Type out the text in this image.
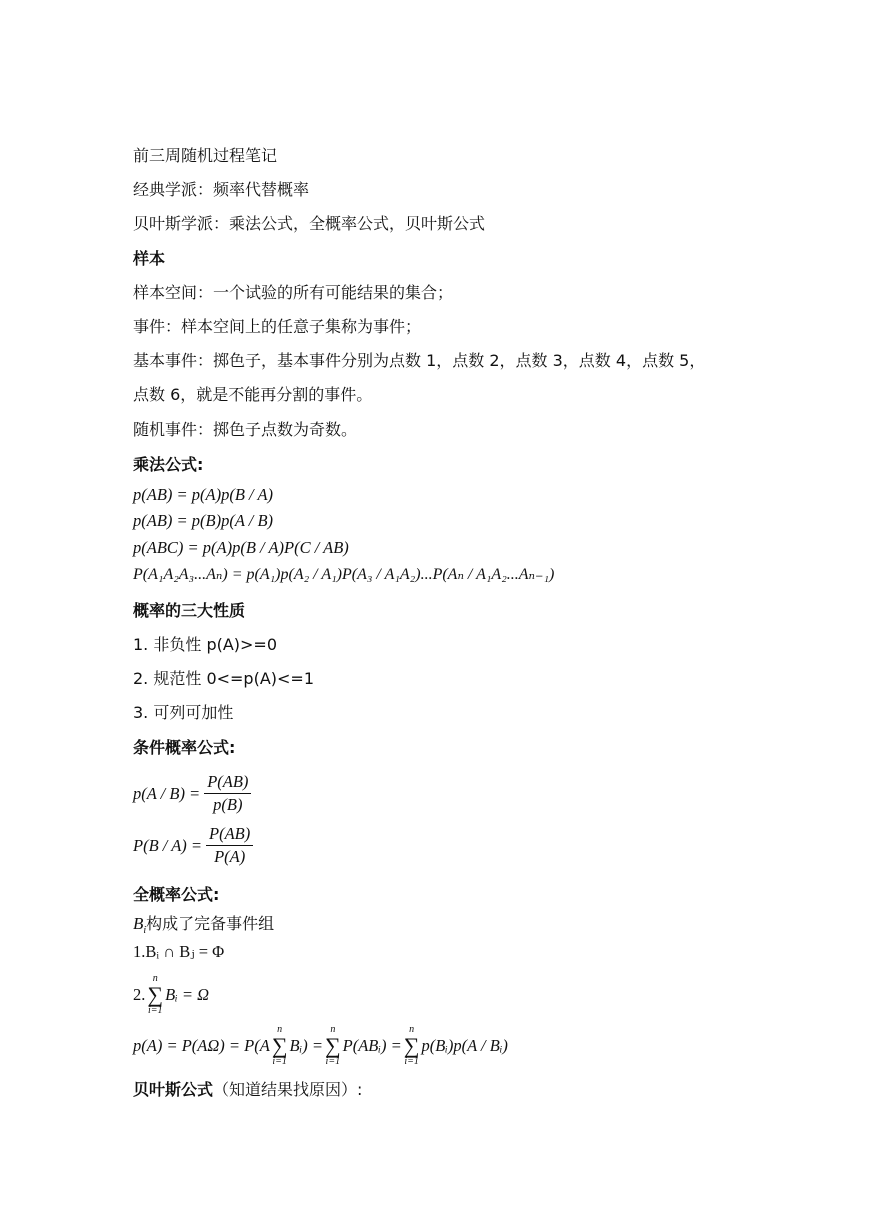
前三周随机过程笔记

经典学派：频率代替概率

贝叶斯学派：乘法公式，全概率公式，贝叶斯公式

样本

样本空间：一个试验的所有可能结果的集合；

事件：样本空间上的任意子集称为事件；

基本事件：掷色子，基本事件分别为点数 1，点数 2，点数 3，点数 4，点数 5，

点数 6，就是不能再分割的事件。

随机事件：掷色子点数为奇数。

乘法公式:

p(AB) = p(A)p(B / A)

p(AB) = p(B)p(A / B)

p(ABC) = p(A)p(B / A)P(C / AB)

P(A₁A₂A₃...Aₙ) = p(A₁)p(A₂ / A₁)P(A₃ / A₁A₂)...P(Aₙ / A₁A₂...Aₙ₋₁)

概率的三大性质

1. 非负性 p(A)>=0

2. 规范性 0<=p(A)<=1

3. 可列可加性

条件概率公式:

$p(A / B) = \frac{P(AB)}{p(B)}$
$P(B / A) = \frac{P(AB)}{P(A)}$

全概率公式:

$B_i$构成了完备事件组

1.Bᵢ ∩ Bⱼ = Φ

2.
n
∑
i=1
Bᵢ = Ω
p(A) = P(AΩ) = P(A
n
∑
i=1
Bᵢ) =
n
∑
i=1
P(ABᵢ) =
n
∑
i=1
p(Bᵢ)p(A / Bᵢ)

贝叶斯公式（知道结果找原因）:
